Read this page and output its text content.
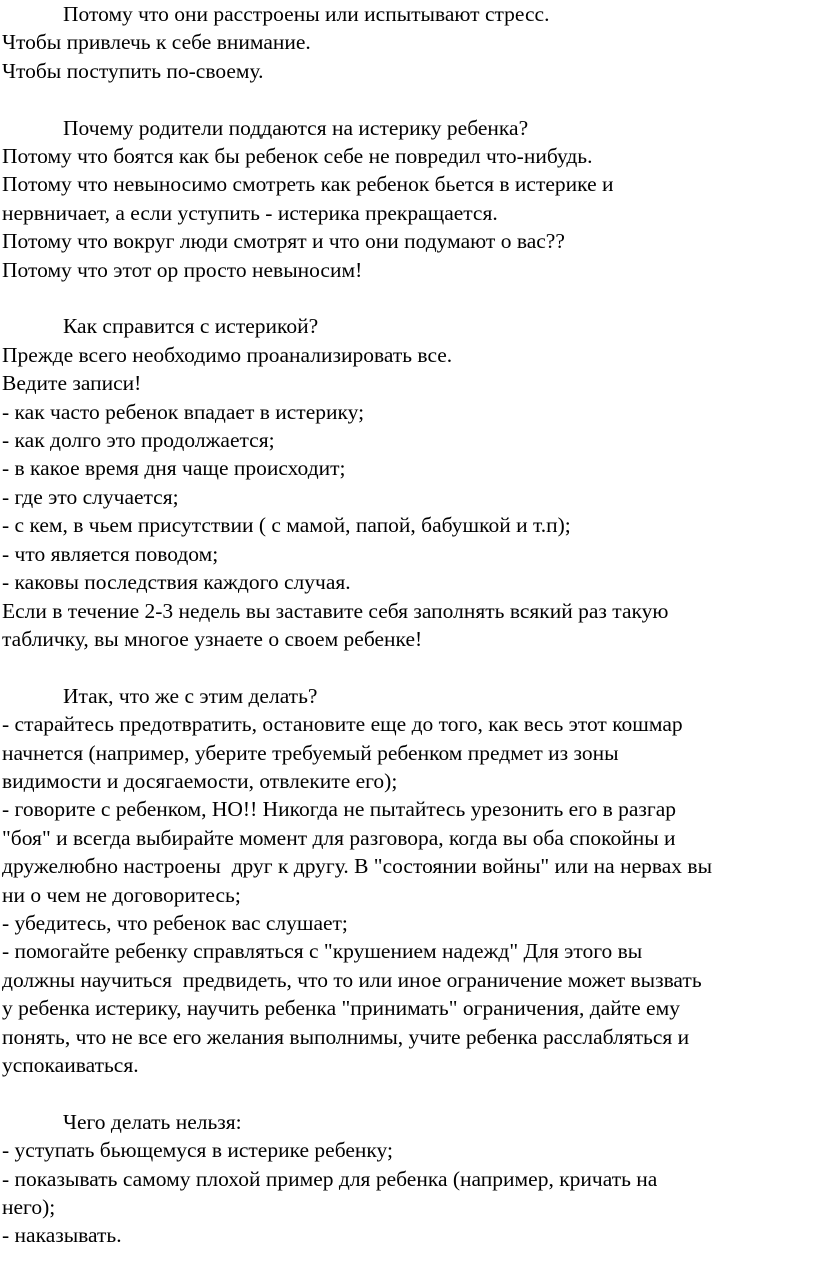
Потому что они расстроены или испытывают стресс.
Чтобы привлечь к себе внимание.
Чтобы поступить по-своему.
Почему родители поддаются на истерику ребенка?
Потому что боятся как бы ребенок себе не повредил что-нибудь.
Потому что невыносимо смотреть как ребенок бьется в истерике и
нервничает, а если уступить - истерика прекращается.
Потому что вокруг люди смотрят и что они подумают о вас??
Потому что этот ор просто невыносим!
Как справится с истерикой?
Прежде всего необходимо проанализировать все.
Ведите записи!
- как часто ребенок впадает в истерику;
- как долго это продолжается;
- в какое время дня чаще происходит;
- где это случается;
- с кем, в чьем присутствии ( с мамой, папой, бабушкой и т.п);
- что является поводом;
- каковы последствия каждого случая.
Если в течение 2-3 недель вы заставите себя заполнять всякий раз такую
табличку, вы многое узнаете о своем ребенке!
Итак, что же с этим делать?
- старайтесь предотвратить, остановите еще до того, как весь этот кошмар
начнется (например, уберите требуемый ребенком предмет из зоны
видимости и досягаемости, отвлеките его);
- говорите с ребенком, НО!! Никогда не пытайтесь урезонить его в разгар
"боя" и всегда выбирайте момент для разговора, когда вы оба спокойны и
дружелюбно настроены  друг к другу. В "состоянии войны" или на нервах вы
ни о чем не договоритесь;
- убедитесь, что ребенок вас слушает;
- помогайте ребенку справляться с "крушением надежд" Для этого вы
должны научиться  предвидеть, что то или иное ограничение может вызвать
у ребенка истерику, научить ребенка "принимать" ограничения, дайте ему
понять, что не все его желания выполнимы, учите ребенка расслабляться и
успокаиваться.
Чего делать нельзя:
- уступать бьющемуся в истерике ребенку;
- показывать самому плохой пример для ребенка (например, кричать на
него);
- наказывать.
